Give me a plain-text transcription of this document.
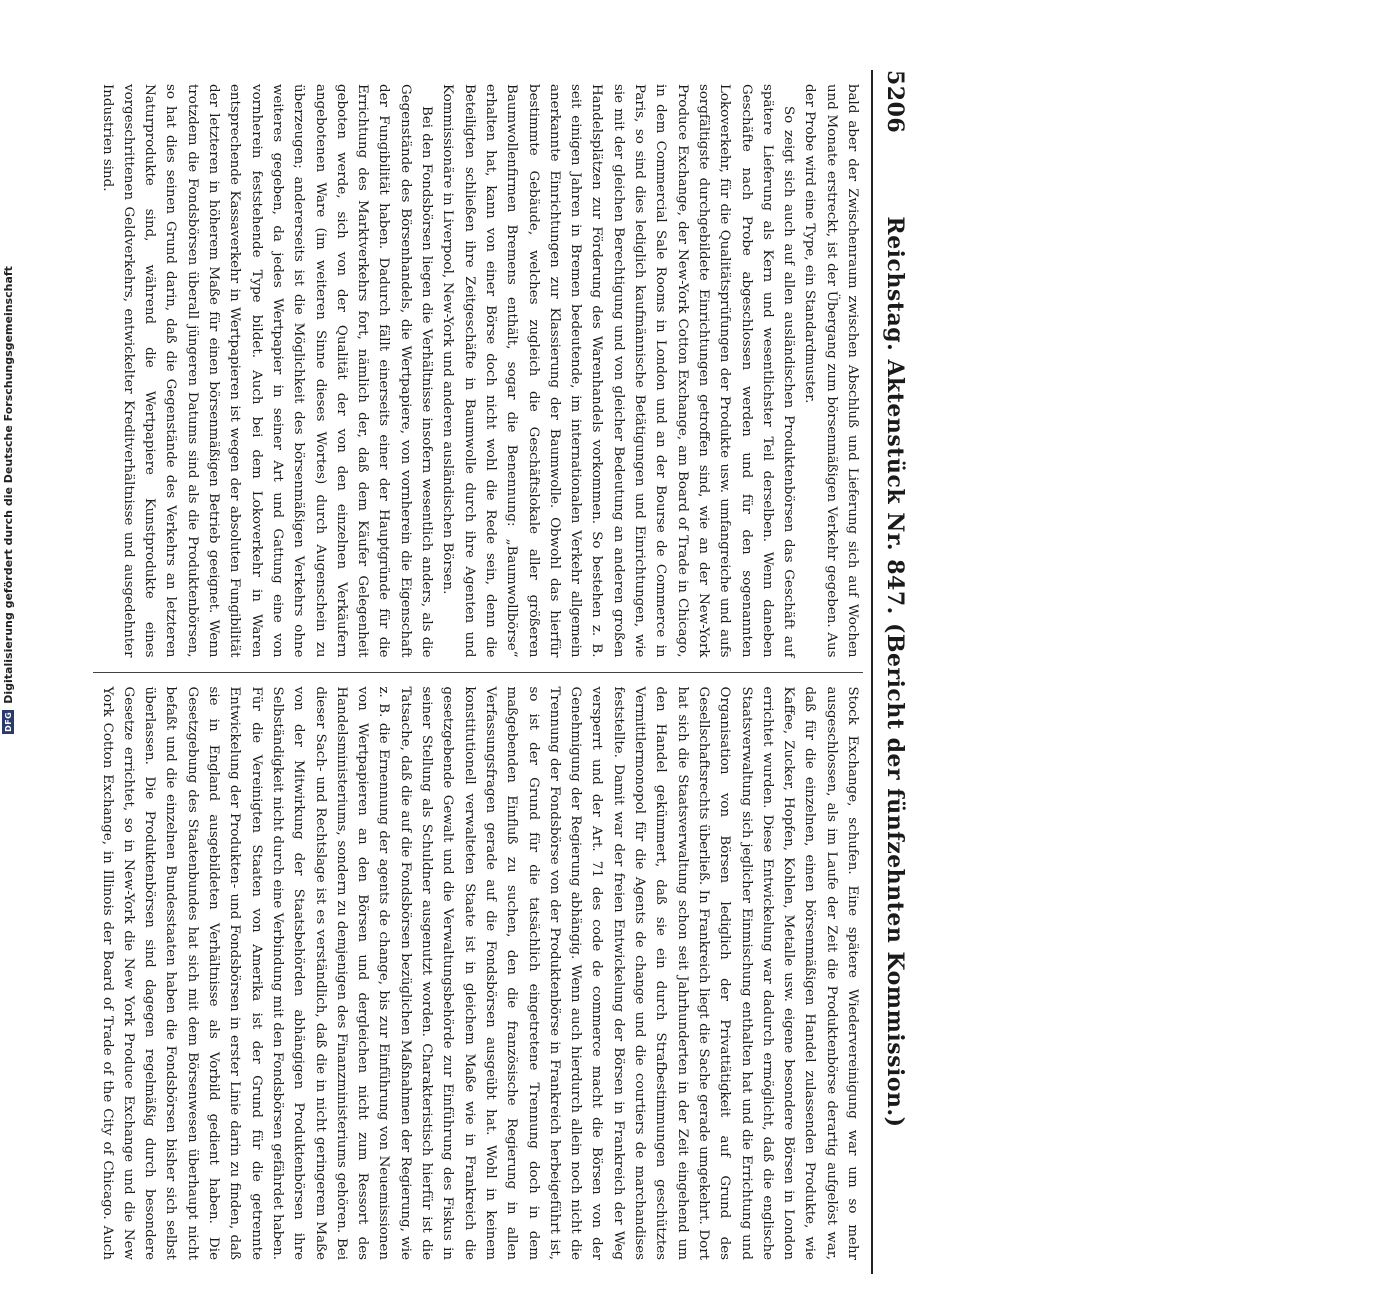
DFG
Digitalisierung gefördert durch die Deutsche Forschungsgemeinschaft
5206
Reichstag. Aktenstück Nr. 847. (Bericht der fünfzehnten Kommission.)

bald aber der Zwischenraum zwischen Abschluß und Lieferung sich auf Wochen und Monate erstreckt, ist der Übergang zum börsenmäßigen Verkehr gegeben. Aus der Probe wird eine Type, ein Standardmuster.

So zeigt sich auch auf allen ausländischen Produktenbörsen das Geschäft auf spätere Lieferung als Kern und wesentlichster Teil derselben. Wenn daneben Geschäfte nach Probe abgeschlossen werden und für den sogenannten Lokoverkehr, für die Qualitätsprüfungen der Produkte usw. umfangreiche und aufs sorgfältigste durchgebildete Einrichtungen getroffen sind, wie an der New-York Produce Exchange, der New-York Cotton Exchange, am Board of Trade in Chicago, in dem Commercial Sale Rooms in London und an der Bourse de Commerce in Paris, so sind dies lediglich kaufmännische Betätigungen und Einrichtungen, wie sie mit der gleichen Berechtigung und von gleicher Bedeutung an anderen großen Handelsplätzen zur Förderung des Warenhandels vorkommen. So bestehen z. B. seit einigen Jahren in Bremen bedeutende, im internationalen Verkehr allgemein anerkannte Einrichtungen zur Klassierung der Baumwolle. Obwohl das hierfür bestimmte Gebäude, welches zugleich die Geschäftslokale aller größeren Baumwollenfirmen Bremens enthält, sogar die Benennung: „Baumwollbörse“ erhalten hat, kann von einer Börse doch nicht wohl die Rede sein, denn die Beteiligten schließen ihre Zeitgeschäfte in Baumwolle durch ihre Agenten und Kommissionäre in Liverpool, New-York und anderen ausländischen Börsen.

Bei den Fondsbörsen liegen die Verhältnisse insofern wesentlich anders, als die Gegenstände des Börsenhandels, die Wertpapiere, von vornherein die Eigenschaft der Fungibilität haben. Dadurch fällt einerseits einer der Hauptgründe für die Errichtung des Marktverkehrs fort, nämlich der, daß dem Käufer Gelegenheit geboten werde, sich von der Qualität der von den einzelnen Verkäufern angebotenen Ware (im weiteren Sinne dieses Wortes) durch Augenschein zu überzeugen; andererseits ist die Möglichkeit des börsenmäßigen Verkehrs ohne weiteres gegeben, da jedes Wertpapier in seiner Art und Gattung eine von vornherein feststehende Type bildet. Auch bei dem Lokoverkehr in Waren entsprechende Kassaverkehr in Wertpapieren ist wegen der absoluten Fungibilität der letzteren in höherem Maße für einen börsenmäßigen Betrieb geeignet. Wenn trotzdem die Fondsbörsen überall jüngeren Datums sind als die Produktenbörsen, so hat dies seinen Grund darin, daß die Gegenstände des Verkehrs an letzteren Naturprodukte sind, während die Wertpapiere Kunstprodukte eines vorgeschrittenen Geldverkehrs, entwickelter Kreditverhältnisse und ausgedehnter Industrien sind.

Stock Exchange, schufen. Eine spätere Wiedervereinigung war um so mehr ausgeschlossen, als im Laufe der Zeit die Produktenbörse derartig aufgelöst war, daß für die einzelnen, einen börsenmäßigen Handel zulassenden Produkte, wie Kaffee, Zucker, Hopfen, Kohlen, Metalle usw. eigene besondere Börsen in London errichtet wurden. Diese Entwickelung war dadurch ermöglicht, daß die englische Staatsverwaltung sich jeglicher Einmischung enthalten hat und die Errichtung und Organisation von Börsen lediglich der Privattätigkeit auf Grund des Gesellschaftsrechts überließ. In Frankreich liegt die Sache gerade umgekehrt. Dort hat sich die Staatsverwaltung schon seit Jahrhunderten in der Zeit eingehend um den Handel gekümmert, daß sie ein durch Strafbestimmungen geschütztes Vermittlermonopol für die Agents de change und die courtiers de marchandises feststellte. Damit war der freien Entwickelung der Börsen in Frankreich der Weg versperrt und der Art. 71 des code de commerce macht die Börsen von der Genehmigung der Regierung abhängig. Wenn auch hierdurch allein noch nicht die Trennung der Fondsbörse von der Produktenbörse in Frankreich herbeigeführt ist, so ist der Grund für die tatsächlich eingetretene Trennung doch in dem maßgebenden Einfluß zu suchen, den die französische Regierung in allen Verfassungsfragen gerade auf die Fondsbörsen ausgeübt hat. Wohl in keinem konstitutionell verwalteten Staate ist in gleichem Maße wie in Frankreich die gesetzgebende Gewalt und die Verwaltungsbehörde zur Einführung des Fiskus in seiner Stellung als Schuldner ausgenutzt worden. Charakteristisch hierfür ist die Tatsache, daß die auf die Fondsbörsen bezüglichen Maßnahmen der Regierung, wie z. B. die Ernennung der agents de change, bis zur Einführung von Neuemissionen von Wertpapieren an den Börsen und dergleichen nicht zum Ressort des Handelsministeriums, sondern zu demjenigen des Finanzministeriums gehören. Bei dieser Sach- und Rechtslage ist es verständlich, daß die in nicht geringerem Maße von der Mitwirkung der Staatsbehörden abhängigen Produktenbörsen ihre Selbständigkeit nicht durch eine Verbindung mit den Fondsbörsen gefährdet haben. Für die Vereinigten Staaten von Amerika ist der Grund für die getrennte Entwickelung der Produkten- und Fondsbörsen in erster Linie darin zu finden, daß sie in England ausgebildeten Verhältnisse als Vorbild gedient haben. Die Gesetzgebung des Staatenbundes hat sich mit dem Börsenwesen überhaupt nicht befaßt und die einzelnen Bundesstaaten haben die Fondsbörsen bisher sich selbst überlassen. Die Produktenbörsen sind dagegen regelmäßig durch besondere Gesetze errichtet, so in New-York die New York Produce Exchange und die New York Cotton Exchange, in Illinois der Board of Trade of the City of Chicago. Auch
